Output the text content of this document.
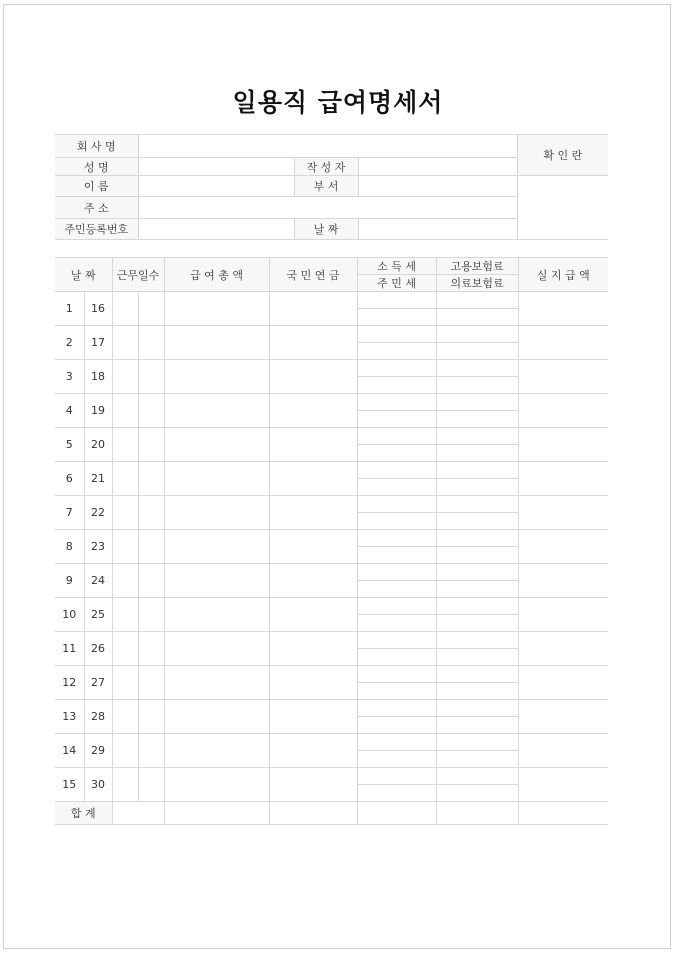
일용직 급여명세서
회 사 명				확 인 란
성 명		작 성 자		
이 름		부 서		
주 소				
주민등록번호		날 짜		
날 짜		근무일수		급 여 총 액	국 민 연 금	소 득 세	고용보험료	실 지 급 액
						주 민 세	의료보험료	
1	16							

2	17							

3	18							

4	19							

5	20							

6	21							

7	22							

8	23							

9	24							

10	25							

11	26							

12	27							

13	28							

14	29							

15	30							

합 계								
